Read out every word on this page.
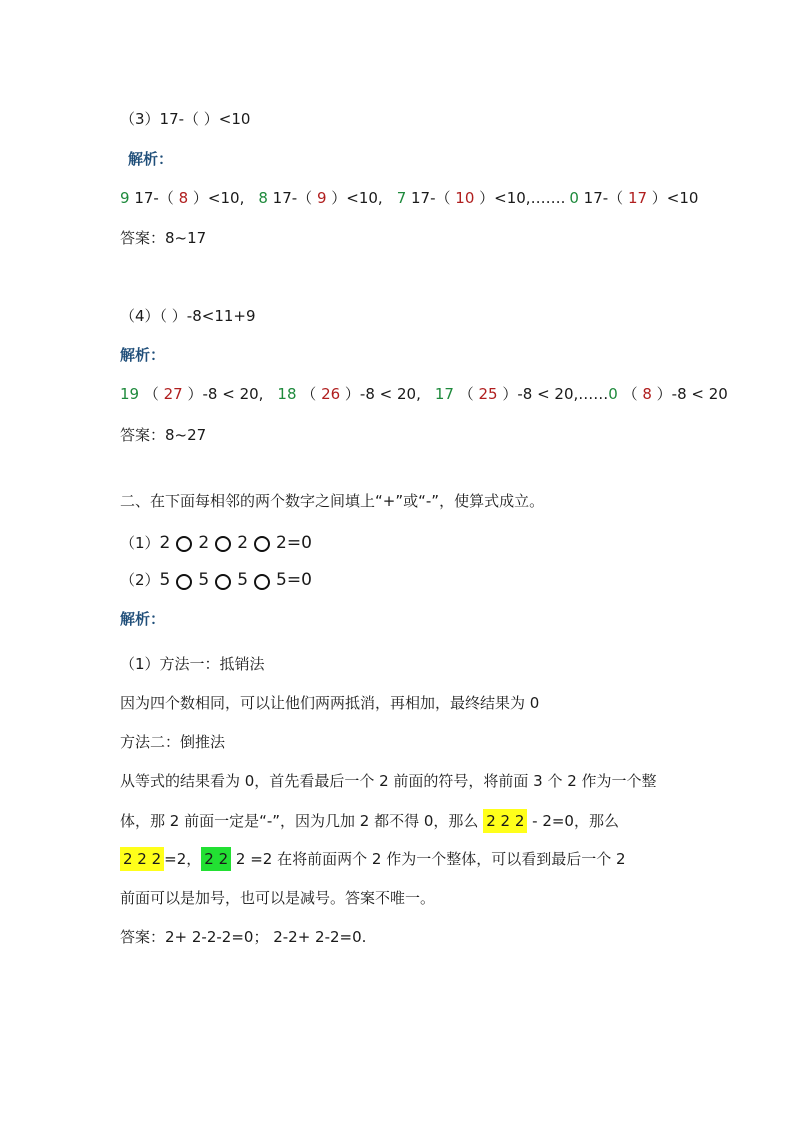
（3）17-（ ）<10
解析：
9 17-（ 8 ）<10, 8 17-（ 9 ）<10, 7 17-（ 10 ）<10,……. 0 17-（ 17 ）<10
答案：8~17
（4）（ ）-8<11+9
解析：
19 （ 27 ）-8 < 20, 18 （ 26 ）-8 < 20, 17 （ 25 ）-8 < 20,……0 （ 8 ）-8 < 20
答案：8~27
二、在下面每相邻的两个数字之间填上“+”或“-”，使算式成立。
（1）2 2 2 2=0
（2）5 5 5 5=0
解析：
（1）方法一：抵销法
因为四个数相同，可以让他们两两抵消，再相加，最终结果为 0
方法二：倒推法
从等式的结果看为 0，首先看最后一个 2 前面的符号，将前面 3 个 2 作为一个整
体，那 2 前面一定是“-”，因为几加 2 都不得 0，那么 2 2 2 - 2=0，那么
2 2 2 =2， 2 2 2 =2 在将前面两个 2 作为一个整体，可以看到最后一个 2
前面可以是加号，也可以是减号。答案不唯一。
答案：2+ 2-2-2=0； 2-2+ 2-2=0.
